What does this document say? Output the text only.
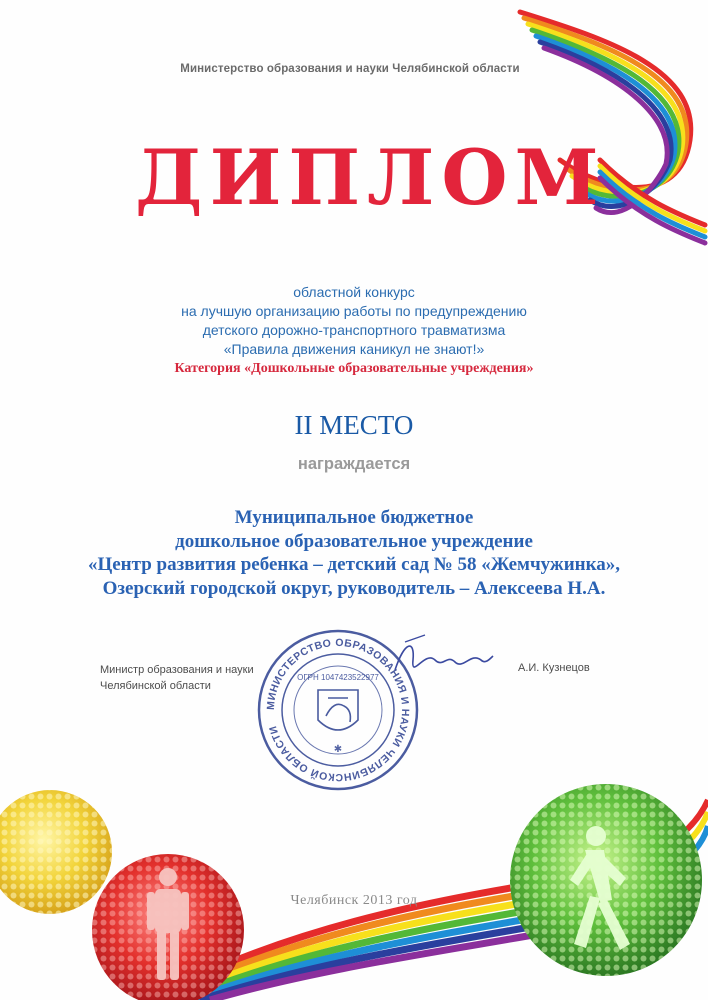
Министерство образования и науки Челябинской области

ДИПЛОМ
областной конкурс
на лучшую организацию работы по предупреждению
детского дорожно-транспортного травматизма
«Правила движения каникул не знают!»
Категория «Дошкольные образовательные учреждения»
II МЕСТО
награждается
Муниципальное бюджетное
дошкольное образовательное учреждение
«Центр развития ребенка – детский сад № 58 «Жемчужинка»,
Озерский городской округ, руководитель – Алексеева Н.А.
Министр образования и науки
Челябинской области
А.И. Кузнецов
МИНИСТЕРСТВО ОБРАЗОВАНИЯ И НАУКИ ЧЕЛЯБИНСКОЙ ОБЛАСТИ
ОГРН 1047423522977
✱
Челябинск 2013 год
